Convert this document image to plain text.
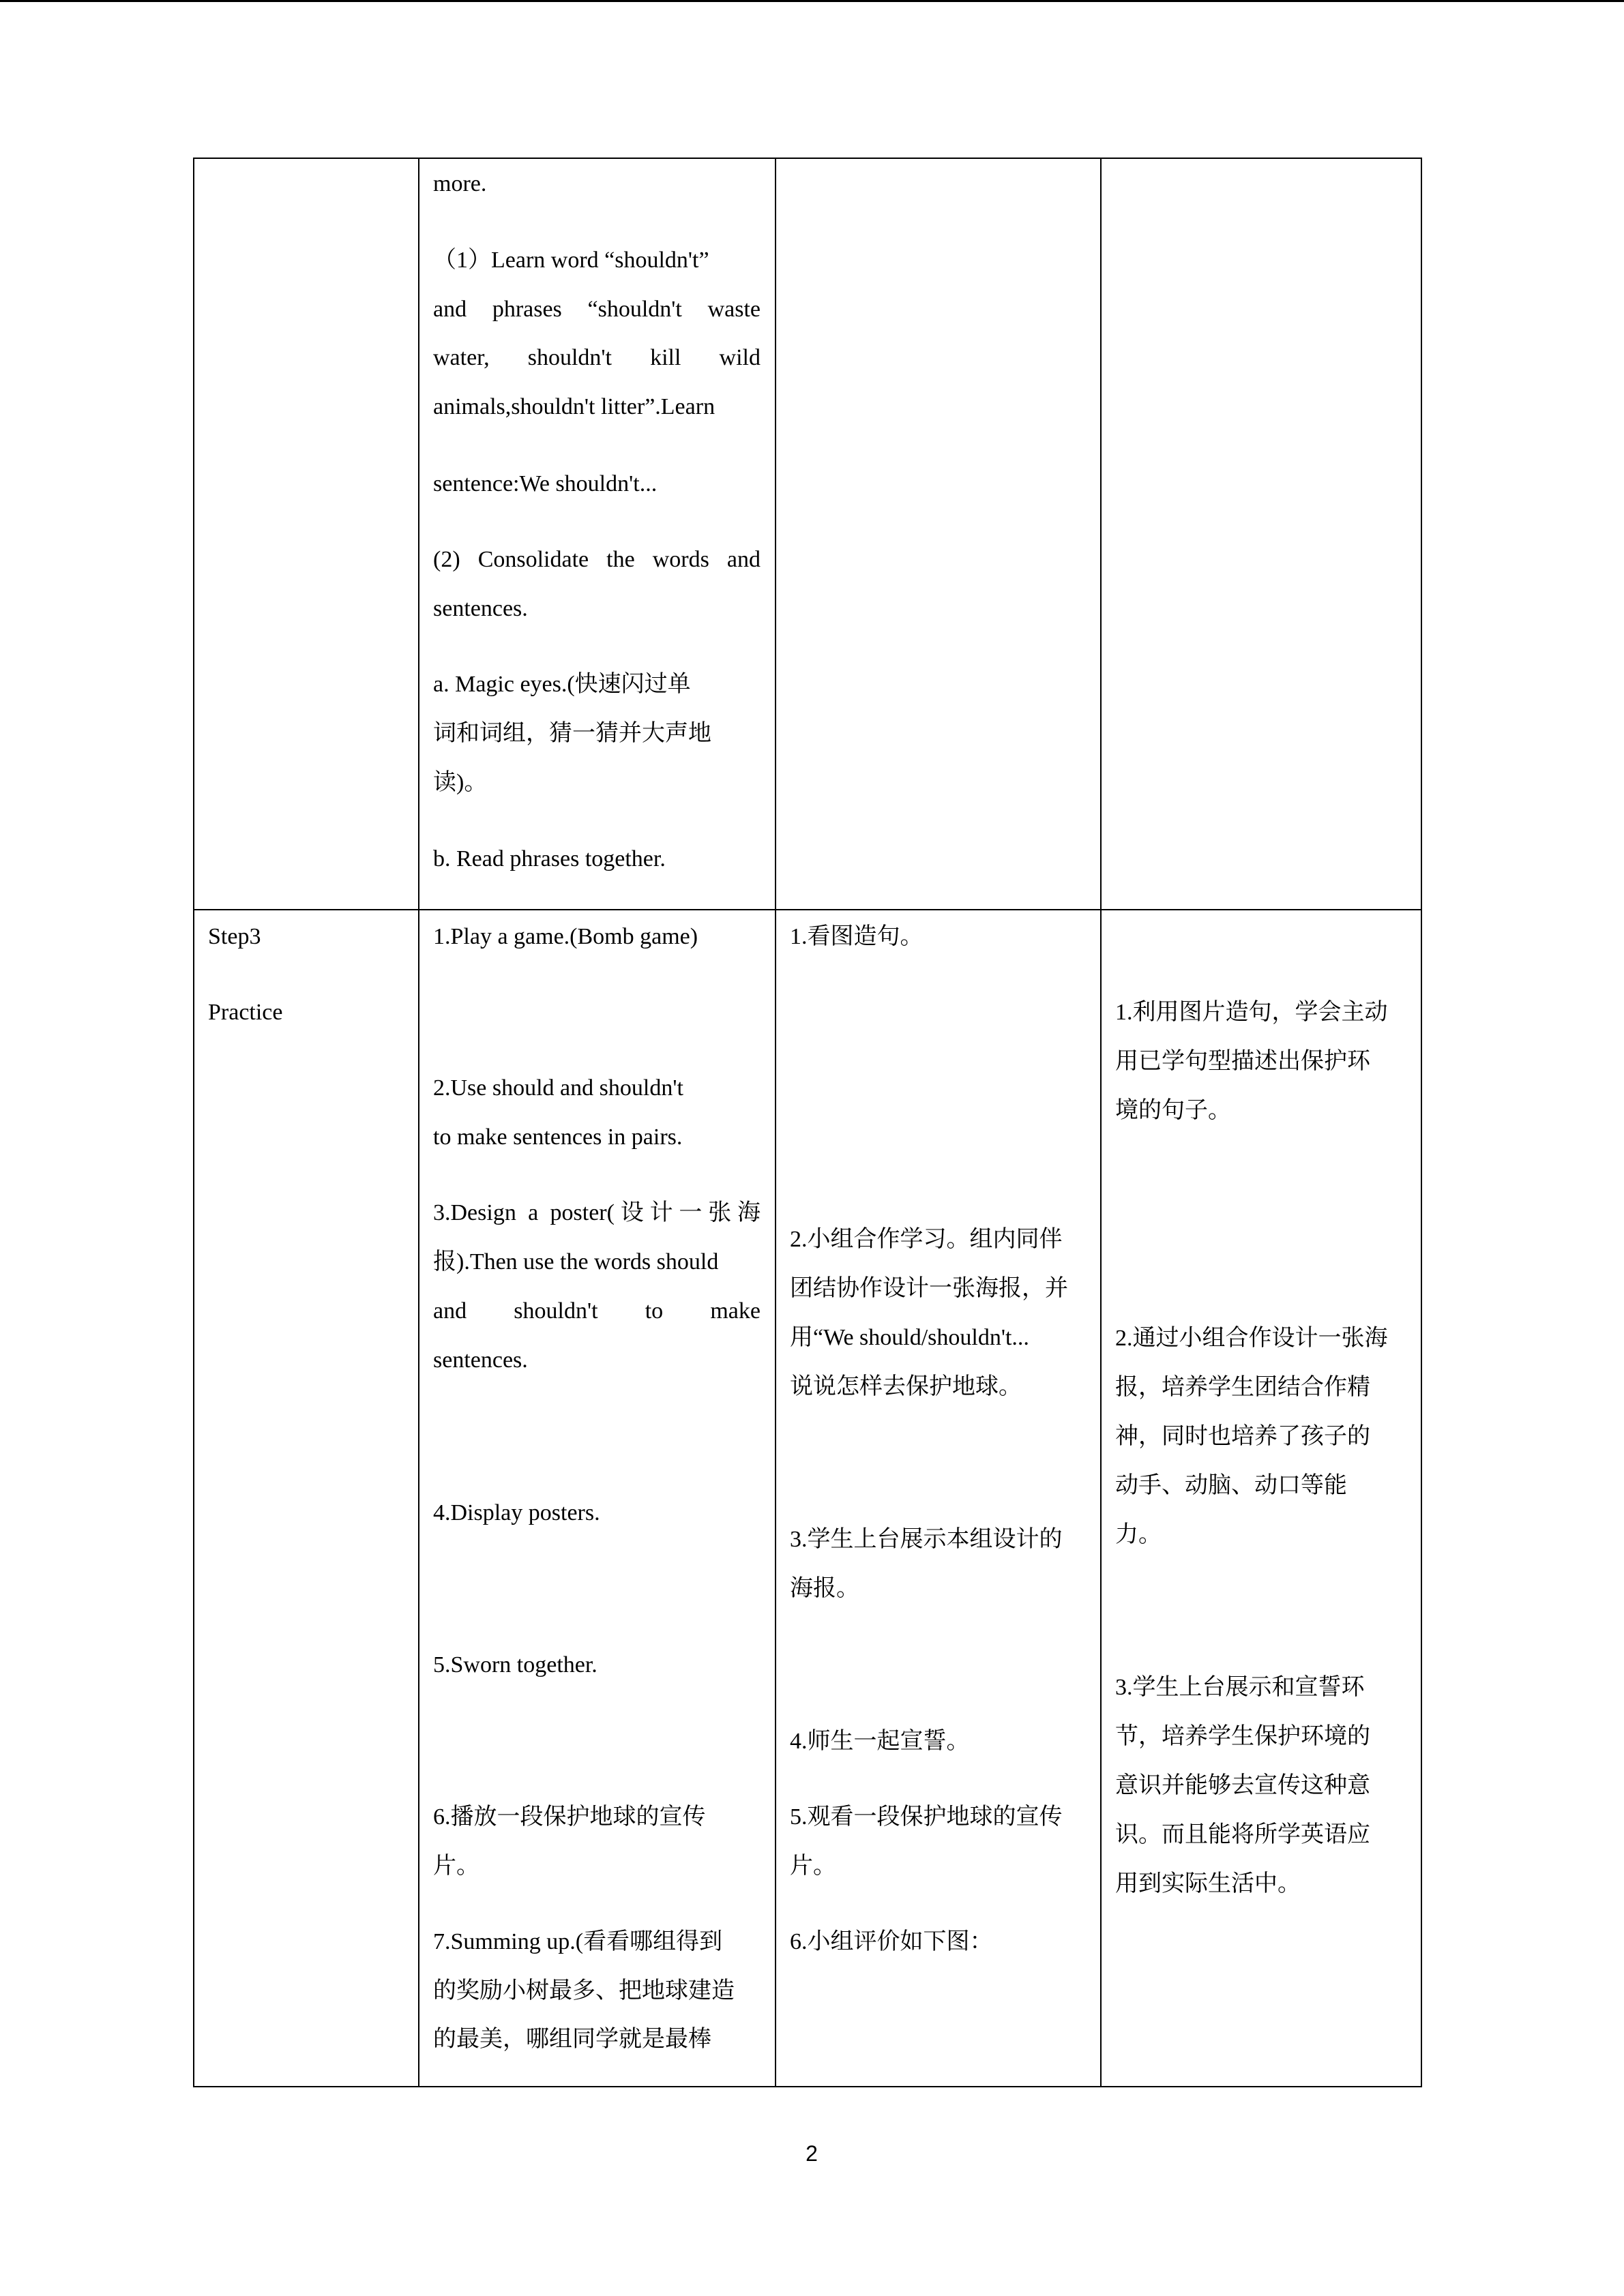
more.
（1）Learn word “shouldn't”
and phrases “shouldn't waste
water, shouldn't kill wild
animals,shouldn't litter”.Learn
sentence:We shouldn't...
(2) Consolidate the words and
sentences.
a. Magic eyes.(快速闪过单
词和词组，猜一猜并大声地
读)。
b. Read phrases together.
Step3
Practice
1.Play a game.(Bomb game)
2.Use should and shouldn't
to make sentences in pairs.
3.Design a poster(设计一张海
报).Then use the words should
and shouldn't to make
sentences.
4.Display posters.
5.Sworn together.
6.播放一段保护地球的宣传
片。
7.Summing up.(看看哪组得到
的奖励小树最多、把地球建造
的最美，哪组同学就是最棒
1.看图造句。
2.小组合作学习。组内同伴
团结协作设计一张海报，并
用“We should/shouldn't...
说说怎样去保护地球。
3.学生上台展示本组设计的
海报。
4.师生一起宣誓。
5.观看一段保护地球的宣传
片。
6.小组评价如下图：
1.利用图片造句，学会主动
用已学句型描述出保护环
境的句子。
2.通过小组合作设计一张海
报，培养学生团结合作精
神，同时也培养了孩子的
动手、动脑、动口等能
力。
3.学生上台展示和宣誓环
节，培养学生保护环境的
意识并能够去宣传这种意
识。而且能将所学英语应
用到实际生活中。
2
